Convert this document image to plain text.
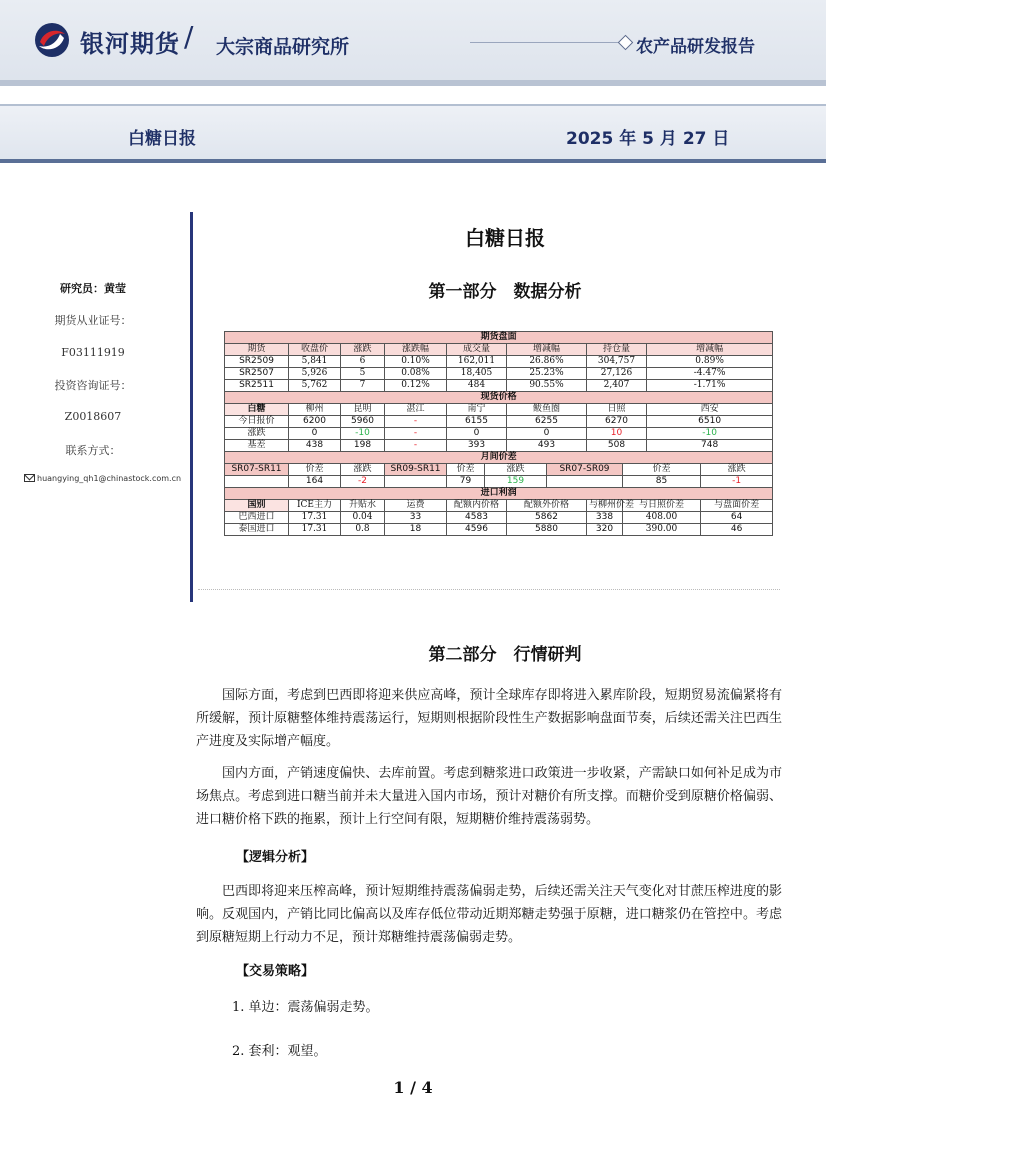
银河期货 / 大宗商品研究所	农产品研发报告
白糖日报	2025 年 5 月 27 日
研究员：黄莹
期货从业证号：
F03111919
投资咨询证号：
Z0018607
联系方式：
huangying_qh1@chinastock.com.cn
白糖日报
第一部分　数据分析
期货盘面											
期货	收盘价	涨跌	涨跌幅	成交量		增减幅		持仓量		增减幅	
SR2509	5,841	6	0.10%	162,011		26.86%		304,757		0.89%	
SR2507	5,926	5	0.08%	18,405		25.23%		27,126		-4.47%	
SR2511	5,762	7	0.12%	484		90.55%		2,407		-1.71%	
现货价格											
白糖	柳州	昆明	湛江	南宁		鲅鱼圈		日照		西安	
今日报价	6200	5960	-	6155		6255		6270		6510	
涨跌	0	-10	-	0		0		10		-10	
基差	438	198	-	393		493		508		748	
月间价差											
SR07-SR11	价差	涨跌	SR09-SR11	价差	涨跌		SR07-SR09		价差		涨跌
	164	-2		79	159				85		-1
进口利润											
国别	ICE主力	升贴水	运费	配额内价格		配额外价格		与柳州价差	与日照价差		与盘面价差
巴西进口	17.31	0.04	33	4583		5862		338	408.00		64
泰国进口	17.31	0.8	18	4596		5880		320	390.00		46
第二部分　行情研判
国际方面，考虑到巴西即将迎来供应高峰，预计全球库存即将进入累库阶段，短期贸易流偏紧将有所缓解，预计原糖整体维持震荡运行，短期则根据阶段性生产数据影响盘面节奏，后续还需关注巴西生产进度及实际增产幅度。
国内方面，产销速度偏快、去库前置。考虑到糖浆进口政策进一步收紧，产需缺口如何补足成为市场焦点。考虑到进口糖当前并未大量进入国内市场，预计对糖价有所支撑。而糖价受到原糖价格偏弱、进口糖价格下跌的拖累，预计上行空间有限，短期糖价维持震荡弱势。
【逻辑分析】
巴西即将迎来压榨高峰，预计短期维持震荡偏弱走势，后续还需关注天气变化对甘蔗压榨进度的影响。反观国内，产销比同比偏高以及库存低位带动近期郑糖走势强于原糖，进口糖浆仍在管控中。考虑到原糖短期上行动力不足，预计郑糖维持震荡偏弱走势。
【交易策略】
1. 单边：震荡偏弱走势。
2. 套利：观望。
1 / 4
